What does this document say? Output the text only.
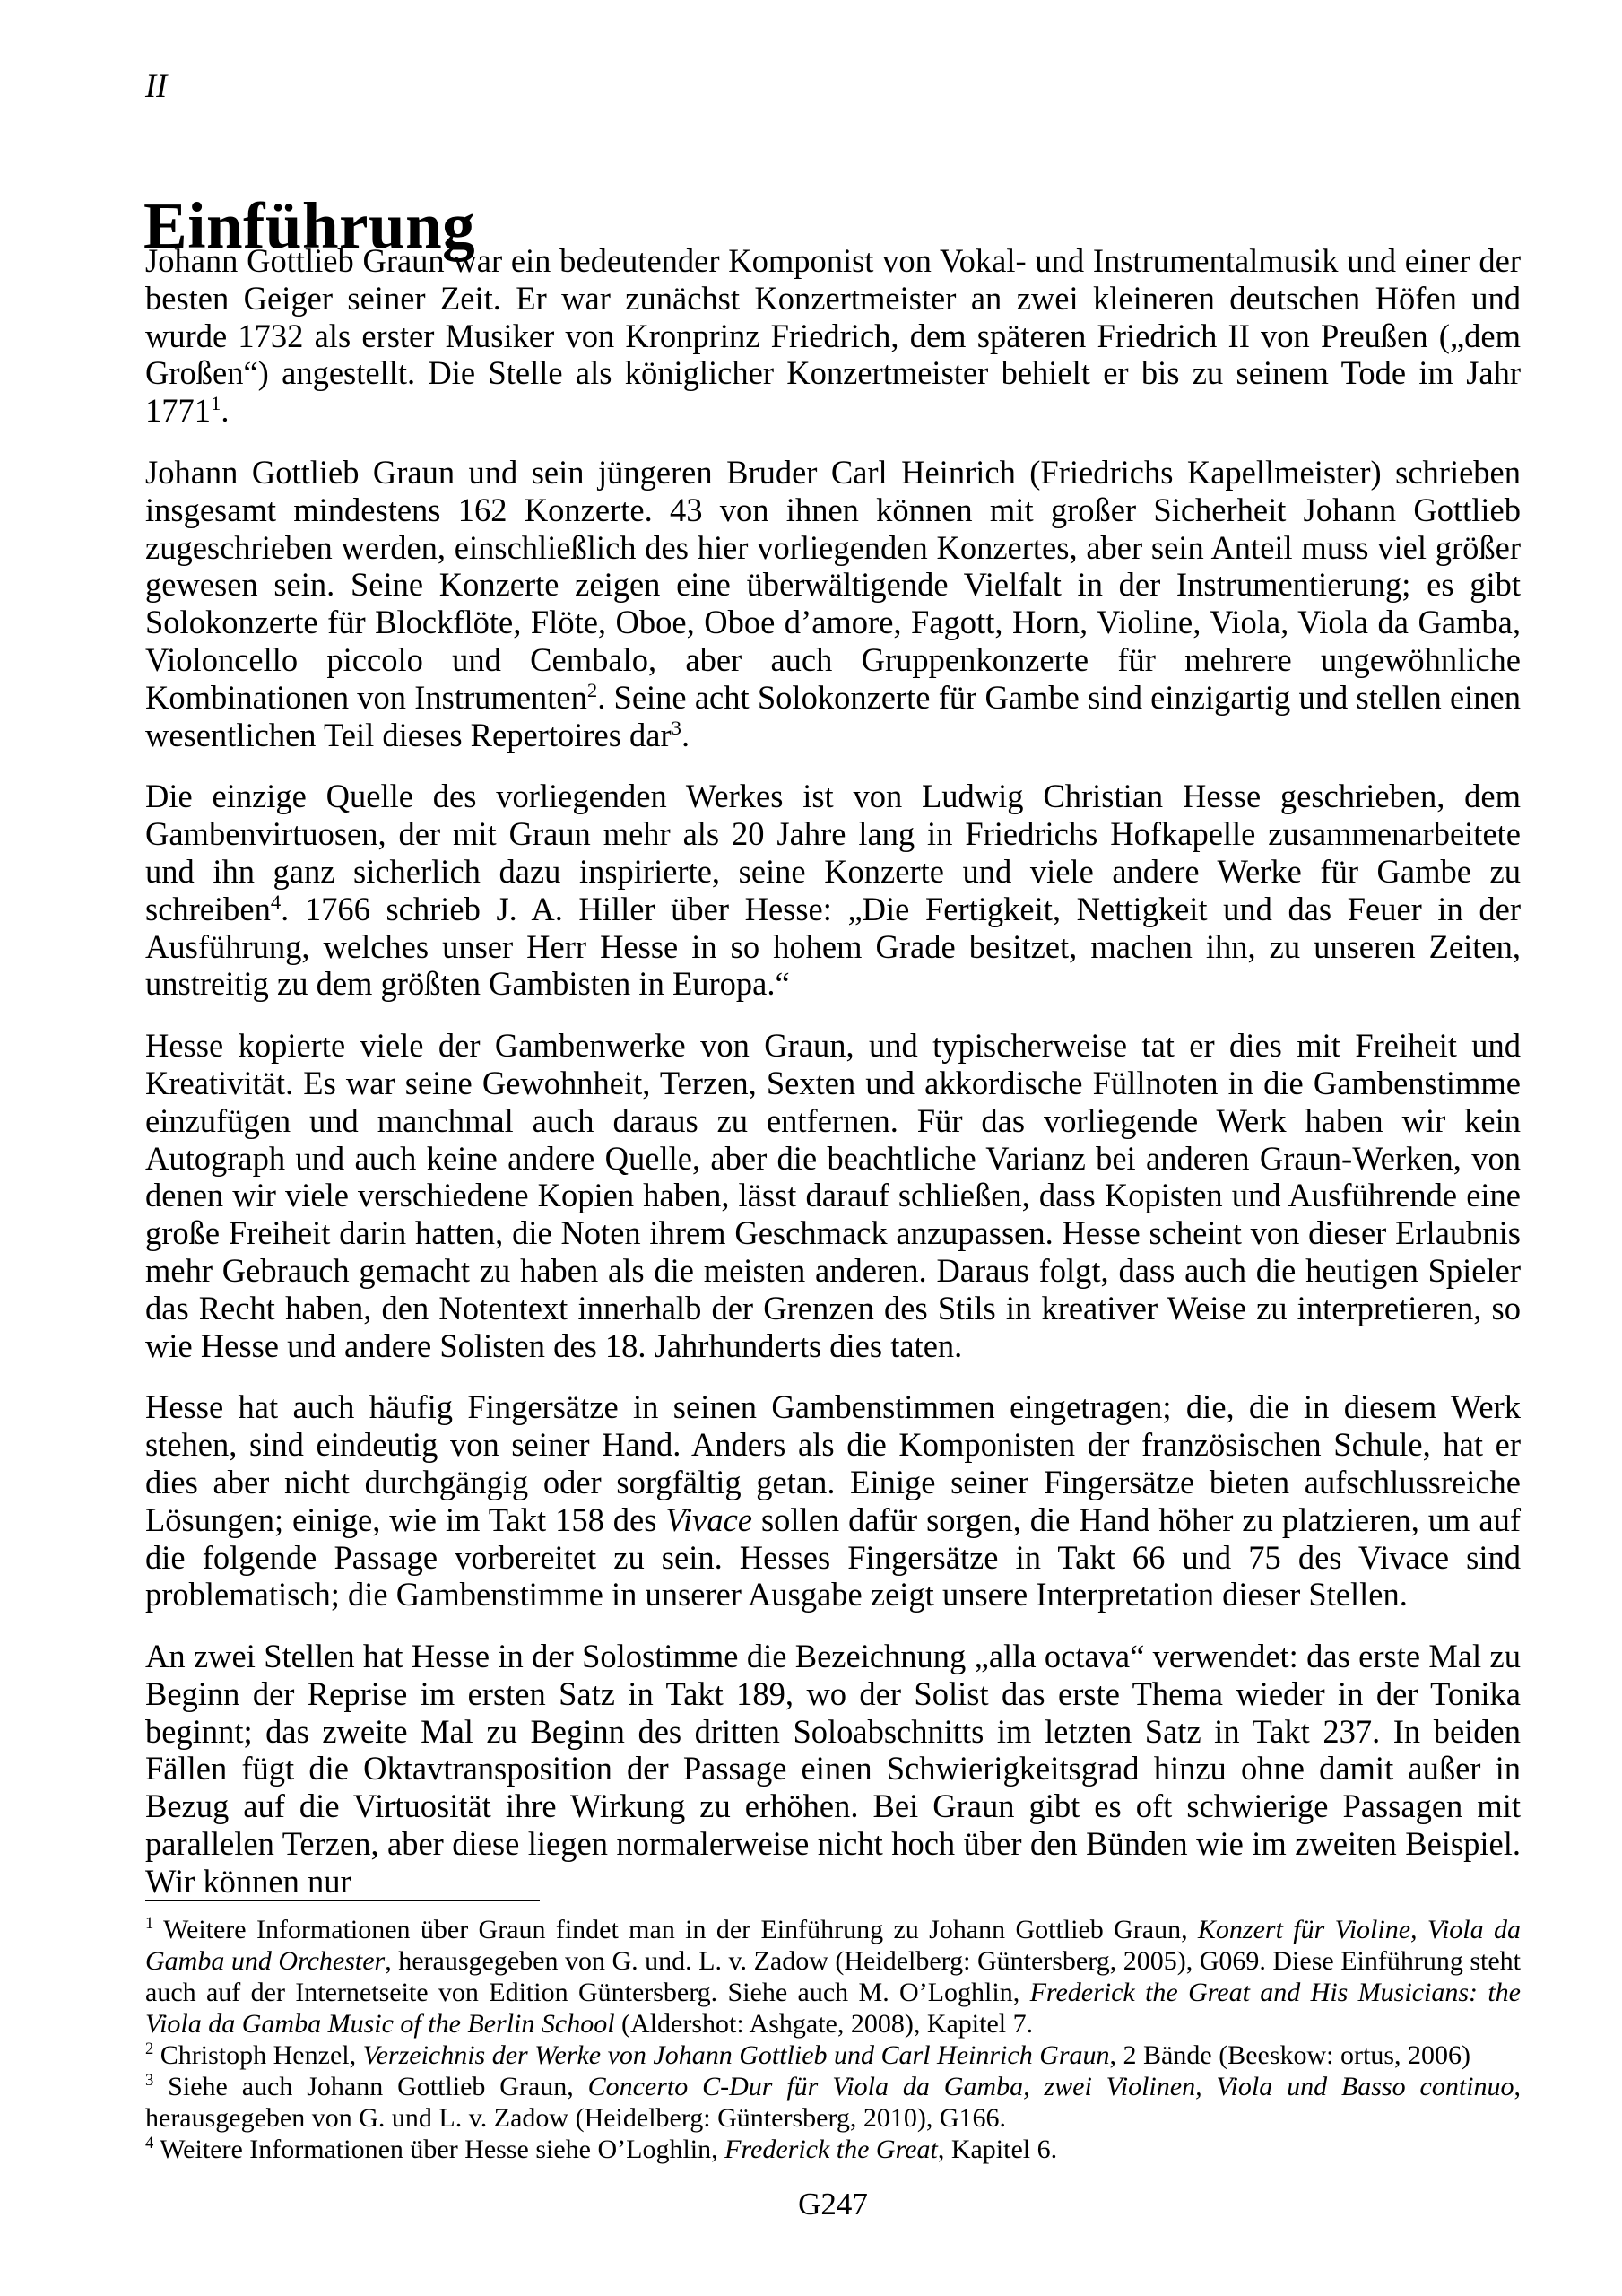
II
Einführung

Johann Gottlieb Graun war ein bedeutender Komponist von Vokal- und Instrumentalmusik und einer der besten Geiger seiner Zeit. Er war zunächst Konzertmeister an zwei kleineren deutschen Höfen und wurde 1732 als erster Musiker von Kronprinz Friedrich, dem späteren Friedrich II von Preußen („dem Großen“) angestellt. Die Stelle als königlicher Konzertmeister behielt er bis zu seinem Tode im Jahr 1771$^1$.

Johann Gottlieb Graun und sein jüngeren Bruder Carl Heinrich (Friedrichs Kapellmeister) schrieben insgesamt mindestens 162 Konzerte. 43 von ihnen können mit großer Sicherheit Johann Gottlieb zugeschrieben werden, einschließlich des hier vorliegenden Konzertes, aber sein Anteil muss viel größer gewesen sein. Seine Konzerte zeigen eine überwältigende Vielfalt in der Instrumentierung; es gibt Solokonzerte für Blockflöte, Flöte, Oboe, Oboe d’amore, Fagott, Horn, Violine, Viola, Viola da Gamba, Violoncello piccolo und Cembalo, aber auch Gruppenkonzerte für mehrere ungewöhnliche Kombinationen von Instrumenten$^2$. Seine acht Solokonzerte für Gambe sind einzigartig und stellen einen wesentlichen Teil dieses Repertoires dar$^3$.

Die einzige Quelle des vorliegenden Werkes ist von Ludwig Christian Hesse geschrieben, dem Gambenvirtuosen, der mit Graun mehr als 20 Jahre lang in Friedrichs Hofkapelle zusammenarbeitete und ihn ganz sicherlich dazu inspirierte, seine Konzerte und viele andere Werke für Gambe zu schreiben$^4$. 1766 schrieb J. A. Hiller über Hesse: „Die Fertigkeit, Nettigkeit und das Feuer in der Ausführung, welches unser Herr Hesse in so hohem Grade besitzet, machen ihn, zu unseren Zeiten, unstreitig zu dem größten Gambisten in Europa.“

Hesse kopierte viele der Gambenwerke von Graun, und typischerweise tat er dies mit Freiheit und Kreativität. Es war seine Gewohnheit, Terzen, Sexten und akkordische Füllnoten in die Gambenstimme einzufügen und manchmal auch daraus zu entfernen. Für das vorliegende Werk haben wir kein Autograph und auch keine andere Quelle, aber die beachtliche Varianz bei anderen Graun-Werken, von denen wir viele verschiedene Kopien haben, lässt darauf schließen, dass Kopisten und Ausführende eine große Freiheit darin hatten, die Noten ihrem Geschmack anzupassen. Hesse scheint von dieser Erlaubnis mehr Gebrauch gemacht zu haben als die meisten anderen. Daraus folgt, dass auch die heutigen Spieler das Recht haben, den Notentext innerhalb der Grenzen des Stils in kreativer Weise zu interpretieren, so wie Hesse und andere Solisten des 18. Jahrhunderts dies taten.

Hesse hat auch häufig Fingersätze in seinen Gambenstimmen eingetragen; die, die in diesem Werk stehen, sind eindeutig von seiner Hand. Anders als die Komponisten der französischen Schule, hat er dies aber nicht durchgängig oder sorgfältig getan. Einige seiner Fingersätze bieten aufschlussreiche Lösungen; einige, wie im Takt 158 des Vivace sollen dafür sorgen, die Hand höher zu platzieren, um auf die folgende Passage vorbereitet zu sein. Hesses Fingersätze in Takt 66 und 75 des Vivace sind problematisch; die Gambenstimme in unserer Ausgabe zeigt unsere Interpretation dieser Stellen.

An zwei Stellen hat Hesse in der Solostimme die Bezeichnung „alla octava“ verwendet: das erste Mal zu Beginn der Reprise im ersten Satz in Takt 189, wo der Solist das erste Thema wieder in der Tonika beginnt; das zweite Mal zu Beginn des dritten Soloabschnitts im letzten Satz in Takt 237. In beiden Fällen fügt die Oktavtransposition der Passage einen Schwierigkeitsgrad hinzu ohne damit außer in Bezug auf die Virtuosität ihre Wirkung zu erhöhen. Bei Graun gibt es oft schwierige Passagen mit parallelen Terzen, aber diese liegen normalerweise nicht hoch über den Bünden wie im zweiten Beispiel. Wir können nur

$^1$ Weitere Informationen über Graun findet man in der Einführung zu Johann Gottlieb Graun, Konzert für Violine, Viola da Gamba und Orchester, herausgegeben von G. und. L. v. Zadow (Heidelberg: Güntersberg, 2005), G069. Diese Einführung steht auch auf der Internetseite von Edition Güntersberg. Siehe auch M. O’Loghlin, Frederick the Great and His Musicians: the Viola da Gamba Music of the Berlin School (Aldershot: Ashgate, 2008), Kapitel 7.

$^2$ Christoph Henzel, Verzeichnis der Werke von Johann Gottlieb und Carl Heinrich Graun, 2 Bände (Beeskow: ortus, 2006)

$^3$ Siehe auch Johann Gottlieb Graun, Concerto C-Dur für Viola da Gamba, zwei Violinen, Viola und Basso continuo, herausgegeben von G. und L. v. Zadow (Heidelberg: Güntersberg, 2010), G166.

$^4$ Weitere Informationen über Hesse siehe O’Loghlin, Frederick the Great, Kapitel 6.

G247
